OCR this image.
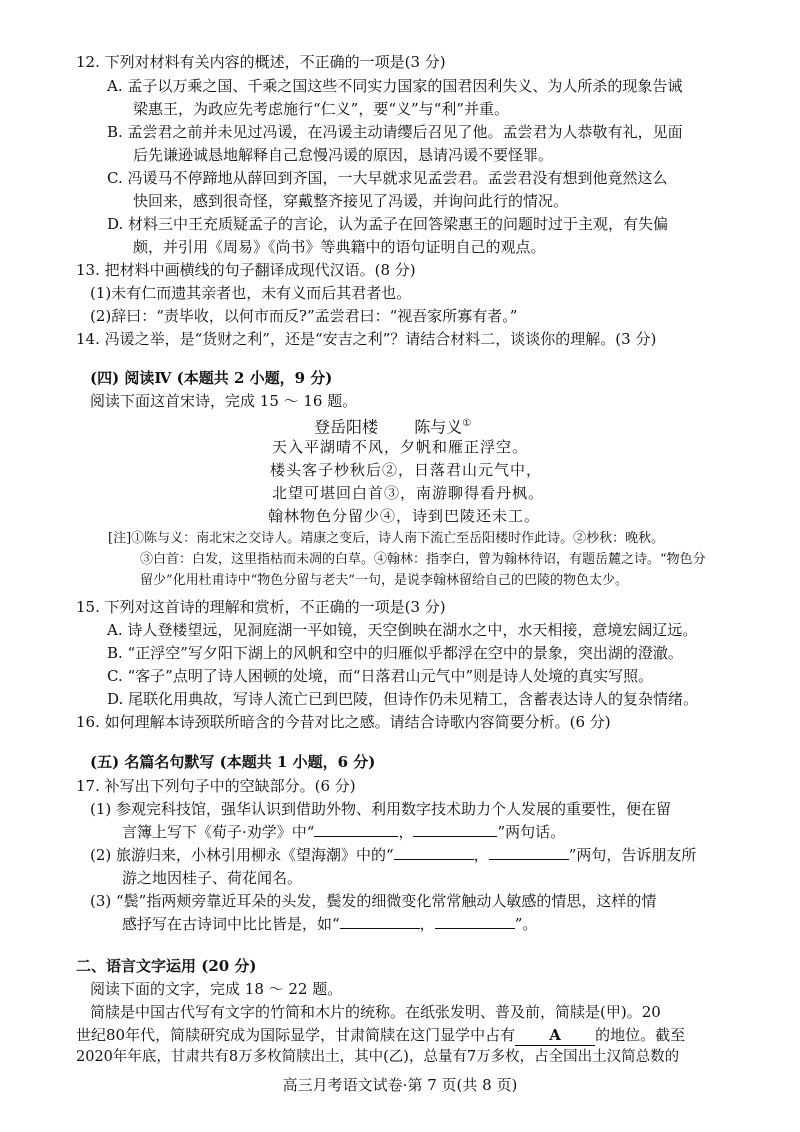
12. 下列对材料有关内容的概述，不正确的一项是(3 分)
A. 孟子以万乘之国、千乘之国这些不同实力国家的国君因利失义、为人所杀的现象告诫
梁惠王，为政应先考虑施行“仁义”，要“义”与“利”并重。
B. 孟尝君之前并未见过冯谖，在冯谖主动请缨后召见了他。孟尝君为人恭敬有礼，见面
后先谦逊诚恳地解释自己怠慢冯谖的原因，恳请冯谖不要怪罪。
C. 冯谖马不停蹄地从薛回到齐国，一大早就求见孟尝君。孟尝君没有想到他竟然这么
快回来，感到很奇怪，穿戴整齐接见了冯谖，并询问此行的情况。
D. 材料三中王充质疑孟子的言论，认为孟子在回答梁惠王的问题时过于主观，有失偏
颇，并引用《周易》《尚书》等典籍中的语句证明自己的观点。
13. 把材料中画横线的句子翻译成现代汉语。(8 分)
(1)未有仁而遗其亲者也，未有义而后其君者也。
(2)辞曰：“责毕收，以何市而反?”孟尝君曰：“视吾家所寡有者。”
14. 冯谖之举，是“货财之利”，还是“安吉之利”？请结合材料二，谈谈你的理解。(3 分)
(四) 阅读Ⅳ (本题共 2 小题，9 分)
阅读下面这首宋诗，完成 15 ～ 16 题。
登岳阳楼 陈与义①
天入平湖晴不风，夕帆和雁正浮空。
楼头客子杪秋后②，日落君山元气中，
北望可堪回白首③，南游聊得看丹枫。
翰林物色分留少④，诗到巴陵还未工。
[注]①陈与义：南北宋之交诗人。靖康之变后，诗人南下流亡至岳阳楼时作此诗。②杪秋：晚秋。
③白首：白发，这里指枯而未凋的白草。④翰林：指李白，曾为翰林待诏，有题岳麓之诗。“物色分
留少”化用杜甫诗中“物色分留与老夫”一句，是说李翰林留给自己的巴陵的物色太少。
15. 下列对这首诗的理解和赏析，不正确的一项是(3 分)
A. 诗人登楼望远，见洞庭湖一平如镜，天空倒映在湖水之中，水天相接，意境宏阔辽远。
B. “正浮空”写夕阳下湖上的风帆和空中的归雁似乎都浮在空中的景象，突出湖的澄澈。
C. “客子”点明了诗人困顿的处境，而“日落君山元气中”则是诗人处境的真实写照。
D. 尾联化用典故，写诗人流亡已到巴陵，但诗作仍未见精工，含蓄表达诗人的复杂情绪。
16. 如何理解本诗颈联所暗含的今昔对比之感。请结合诗歌内容简要分析。(6 分)
(五) 名篇名句默写 (本题共 1 小题，6 分)
17. 补写出下列句子中的空缺部分。(6 分)
(1) 参观完科技馆，强华认识到借助外物、利用数字技术助力个人发展的重要性，便在留
言簿上写下《荀子·劝学》中“	，	”两句话。
(2) 旅游归来，小林引用柳永《望海潮》中的“	，	”两句，告诉朋友所
游之地因桂子、荷花闻名。
(3) “鬓”指两颊旁靠近耳朵的头发，鬓发的细微变化常常触动人敏感的情思，这样的情
感抒写在古诗词中比比皆是，如“	，	”。
二、语言文字运用 (20 分)
阅读下面的文字，完成 18 ～ 22 题。
简牍是中国古代写有文字的竹简和木片的统称。在纸张发明、普及前，简牍是(甲)。20
世纪80年代，简牍研究成为国际显学，甘肃简牍在这门显学中占有 A 的地位。截至
2020年年底，甘肃共有8万多枚简牍出土，其中(乙)，总量有7万多枚，占全国出土汉简总数的
高三月考语文试卷·第 7 页(共 8 页)
